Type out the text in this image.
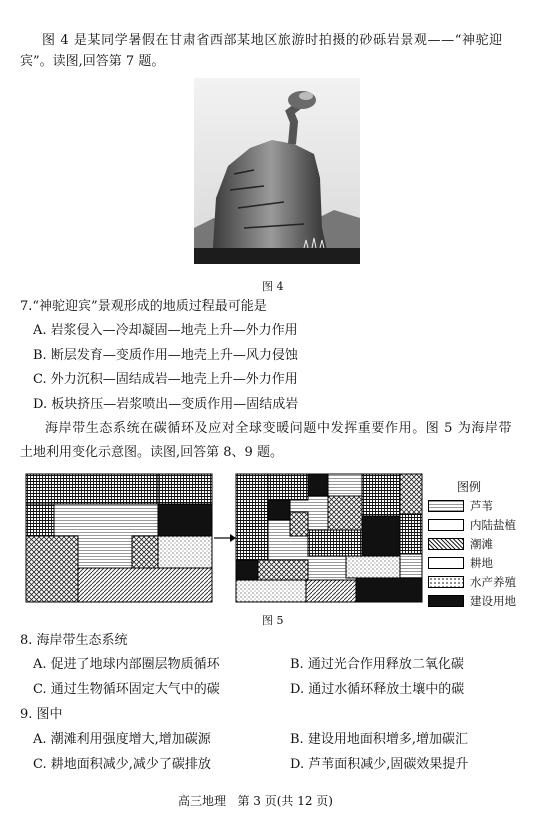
图 4 是某同学暑假在甘肃省西部某地区旅游时拍摄的砂砾岩景观——“神驼迎
宾”。读图,回答第 7 题。
图 4
7.“神驼迎宾”景观形成的地质过程最可能是
A. 岩浆侵入—冷却凝固—地壳上升—外力作用
B. 断层发育—变质作用—地壳上升—风力侵蚀
C. 外力沉积—固结成岩—地壳上升—外力作用
D. 板块挤压—岩浆喷出—变质作用—固结成岩
海岸带生态系统在碳循环及应对全球变暖问题中发挥重要作用。图 5 为海岸带
土地利用变化示意图。读图,回答第 8、9 题。
图例
芦苇
内陆盐植
潮滩
耕地
水产养殖
建设用地
图 5
8. 海岸带生态系统
A. 促进了地球内部圈层物质循环	B. 通过光合作用释放二氧化碳
C. 通过生物循环固定大气中的碳	D. 通过水循环释放土壤中的碳
9. 图中
A. 潮滩利用强度增大,增加碳源	B. 建设用地面积增多,增加碳汇
C. 耕地面积减少,减少了碳排放	D. 芦苇面积减少,固碳效果提升
高三地理   第 3 页(共 12 页)
